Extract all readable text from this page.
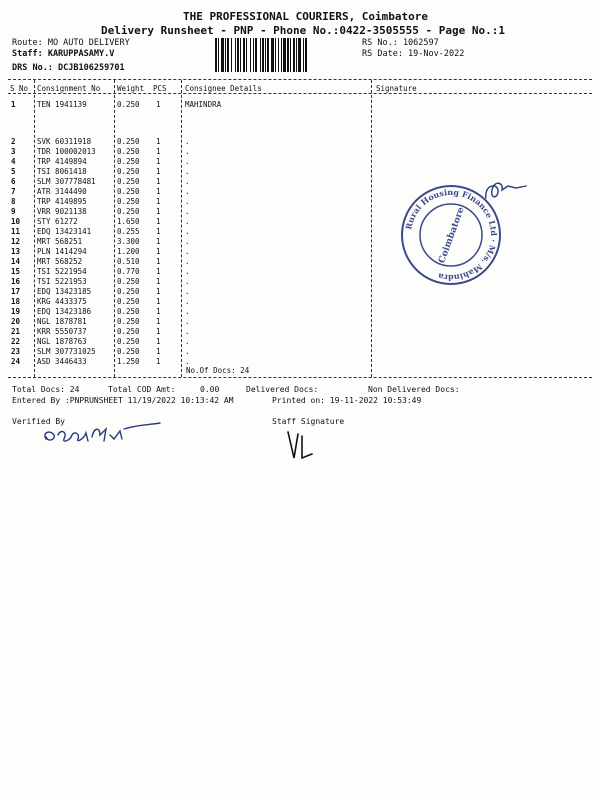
THE PROFESSIONAL COURIERS, Coimbatore
Delivery Runsheet - PNP - Phone No.:0422-3505555 - Page No.:1
Route: MO AUTO DELIVERY
Staff: KARUPPASAMY.V
DRS No.: DCJB106259701
RS No.: 1062597
RS Date: 19-Nov-2022
S No Consignment No Weight PCS Consignee Details	Signature
1	TEN 1941139	0.250 1	MAHINDRA
2	SVK 60311918	0.250 1	.
3	TDR 100002013	0.250 1	.
4	TRP 4149894	0.250 1	.
5	TSI 8061418	0.250 1	.
6	SLM 307778481	0.250 1	.
7	ATR 3144490	0.250 1	.
8	TRP 4149895	0.250 1	.
9	VRR 9021138	0.250 1	.
10 STY 61272	1.650 1	.
11 EDQ 13423141	0.255 1	.
12 MRT 568251	3.300 1	.
13 PLN 1414294	1.200 1	.
14 MRT 568252	0.510 1	.
15 TSI 5221954	0.770 1	.
16 TSI 5221953	0.250 1	.
17 EDQ 13423185	0.250 1	.
18 KRG 4433375	0.250 1	.
19 EDQ 13423186	0.250 1	.
20 NGL 1878781	0.250 1	.
21 KRR 5550737	0.250 1	.
22 NGL 1878763	0.250 1	.
23 SLM 307731025	0.250 1	.
24 ASD 3446433	1.250 1	.
No.Of Docs: 24
Total Docs: 24	Total COD Amt:	0.00	Delivered Docs:	Non Delivered Docs:
Entered By :PNPRUNSHEET 11/19/2022 10:13:42 AM	Printed on: 19-11-2022 10:53:49
Verified By	Staff Signature
Rural Housing Finance Ltd · M/s. Mahindra
Coimbatore
